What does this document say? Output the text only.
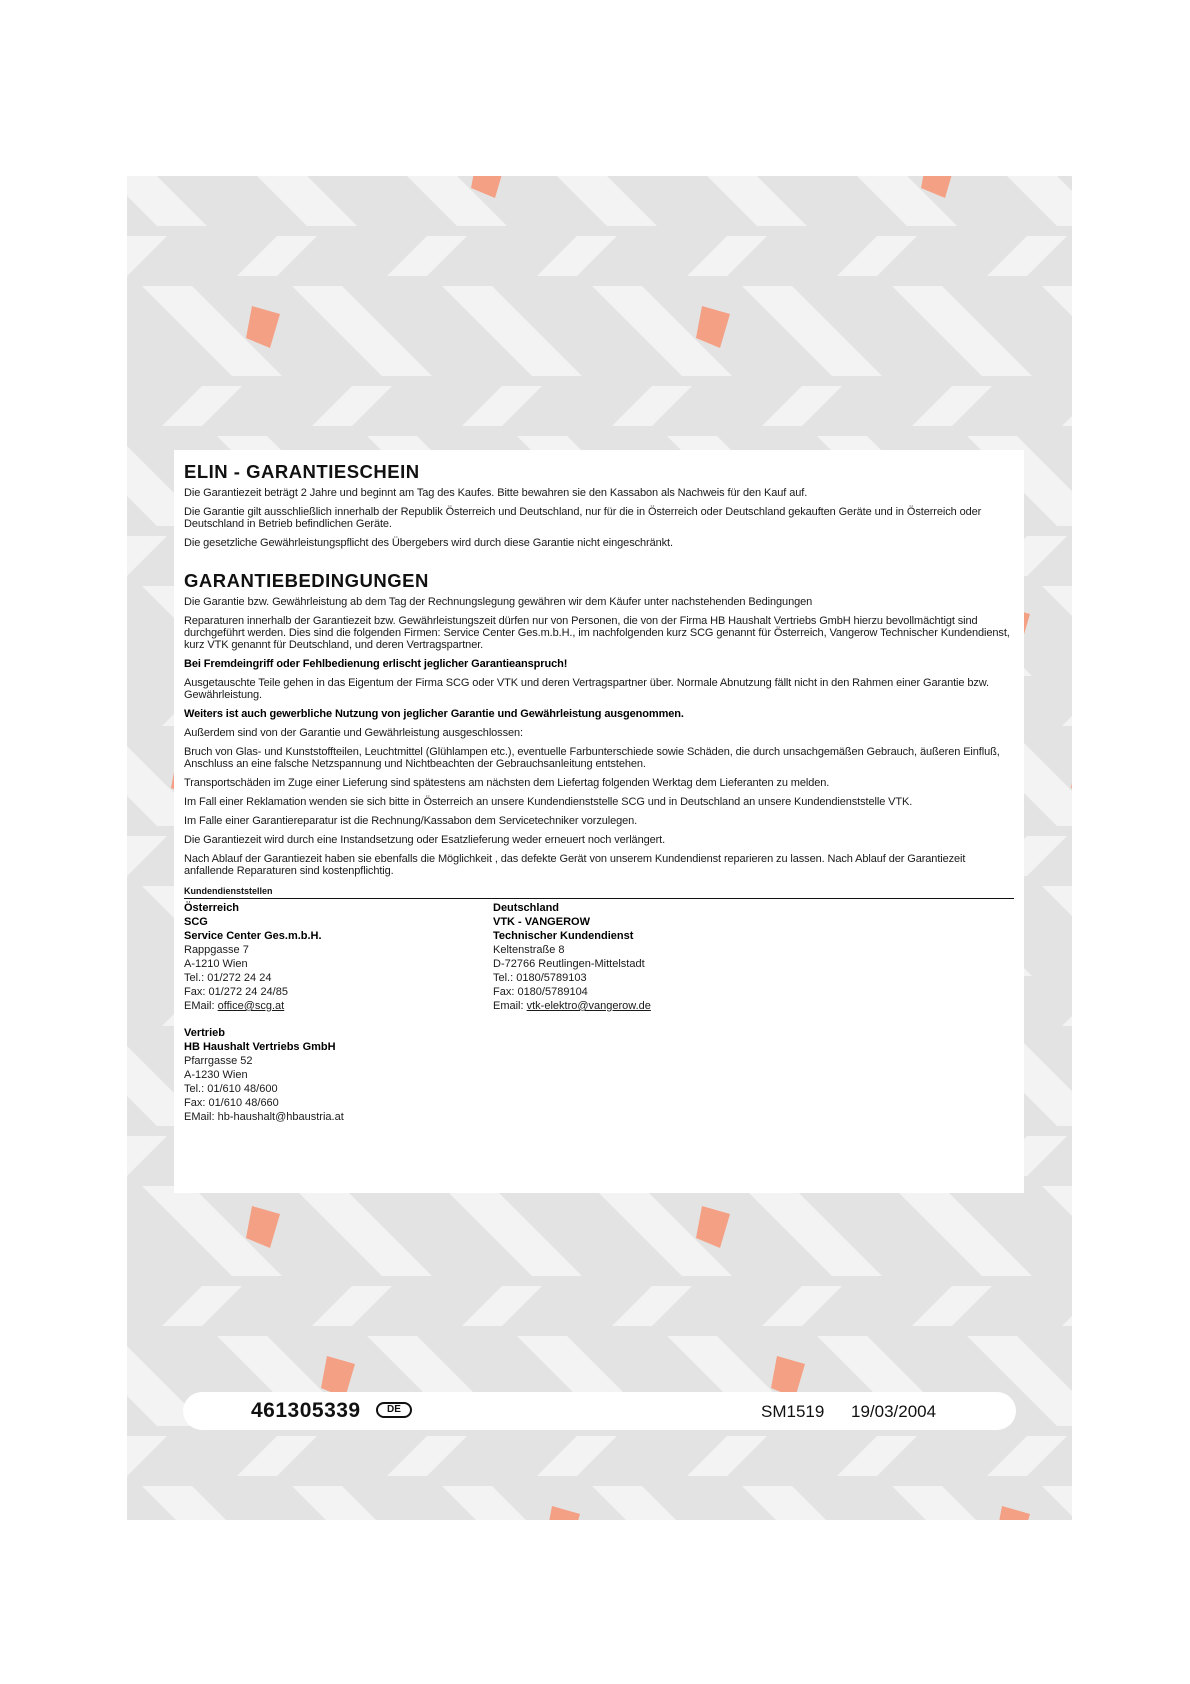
ELIN - GARANTIESCHEIN

Die Garantiezeit beträgt 2 Jahre und beginnt am Tag des Kaufes. Bitte bewahren sie den Kassabon als Nachweis für den Kauf auf.

Die Garantie gilt ausschließlich innerhalb der Republik Österreich und Deutschland, nur für die in Österreich oder Deutschland gekauften Geräte und in Österreich oder Deutschland in Betrieb befindlichen Geräte.

Die gesetzliche Gewährleistungspflicht des Übergebers wird durch diese Garantie nicht eingeschränkt.

GARANTIEBEDINGUNGEN

Die Garantie bzw. Gewährleistung ab dem Tag der Rechnungslegung gewähren wir dem Käufer unter nachstehenden Bedingungen

Reparaturen innerhalb der Garantiezeit bzw. Gewährleistungszeit dürfen nur von Personen, die von der Firma HB Haushalt Vertriebs GmbH hierzu bevollmächtigt sind durchgeführt werden. Dies sind die folgenden Firmen: Service Center Ges.m.b.H., im nachfolgenden kurz SCG genannt für Österreich, Vangerow Technischer Kundendienst, kurz VTK genannt für Deutschland, und deren Vertragspartner.

Bei Fremdeingriff oder Fehlbedienung erlischt jeglicher Garantieanspruch!

Ausgetauschte Teile gehen in das Eigentum der Firma SCG oder VTK und deren Vertragspartner über. Normale Abnutzung fällt nicht in den Rahmen einer Garantie bzw. Gewährleistung.

Weiters ist auch gewerbliche Nutzung von jeglicher Garantie und Gewährleistung ausgenommen.

Außerdem sind von der Garantie und Gewährleistung ausgeschlossen:

Bruch von Glas- und Kunststoffteilen, Leuchtmittel (Glühlampen etc.), eventuelle Farbunterschiede sowie Schäden, die durch unsachgemäßen Gebrauch, äußeren Einfluß, Anschluss an eine falsche Netzspannung und Nichtbeachten der Gebrauchsanleitung entstehen.

Transportschäden im Zuge einer Lieferung sind spätestens am nächsten dem Liefertag folgenden Werktag dem Lieferanten zu melden.

Im Fall einer Reklamation wenden sie sich bitte in Österreich an unsere Kundendienststelle SCG und in Deutschland an unsere Kundendienststelle VTK.

Im Falle einer Garantiereparatur ist die Rechnung/Kassabon dem Servicetechniker vorzulegen.

Die Garantiezeit wird durch eine Instandsetzung oder Esatzlieferung weder erneuert noch verlängert.

Nach Ablauf der Garantiezeit haben sie ebenfalls die Möglichkeit , das defekte Gerät von unserem Kundendienst reparieren zu lassen. Nach Ablauf der Garantiezeit anfallende Reparaturen sind kostenpflichtig.

Kundendienststellen
Österreich
SCG
Service Center Ges.m.b.H.
Rappgasse 7
A-1210 Wien
Tel.: 01/272 24 24
Fax: 01/272 24 24/85
EMail: office@scg.at
Deutschland
VTK - VANGEROW
Technischer Kundendienst
Keltenstraße 8
D-72766 Reutlingen-Mittelstadt
Tel.: 0180/5789103
Fax: 0180/5789104
Email: vtk-elektro@vangerow.de
Vertrieb
HB Haushalt Vertriebs GmbH
Pfarrgasse 52
A-1230 Wien
Tel.: 01/610 48/600
Fax: 01/610 48/660
EMail: hb-haushalt@hbaustria.at
461305339	DE	SM1519 19/03/2004
